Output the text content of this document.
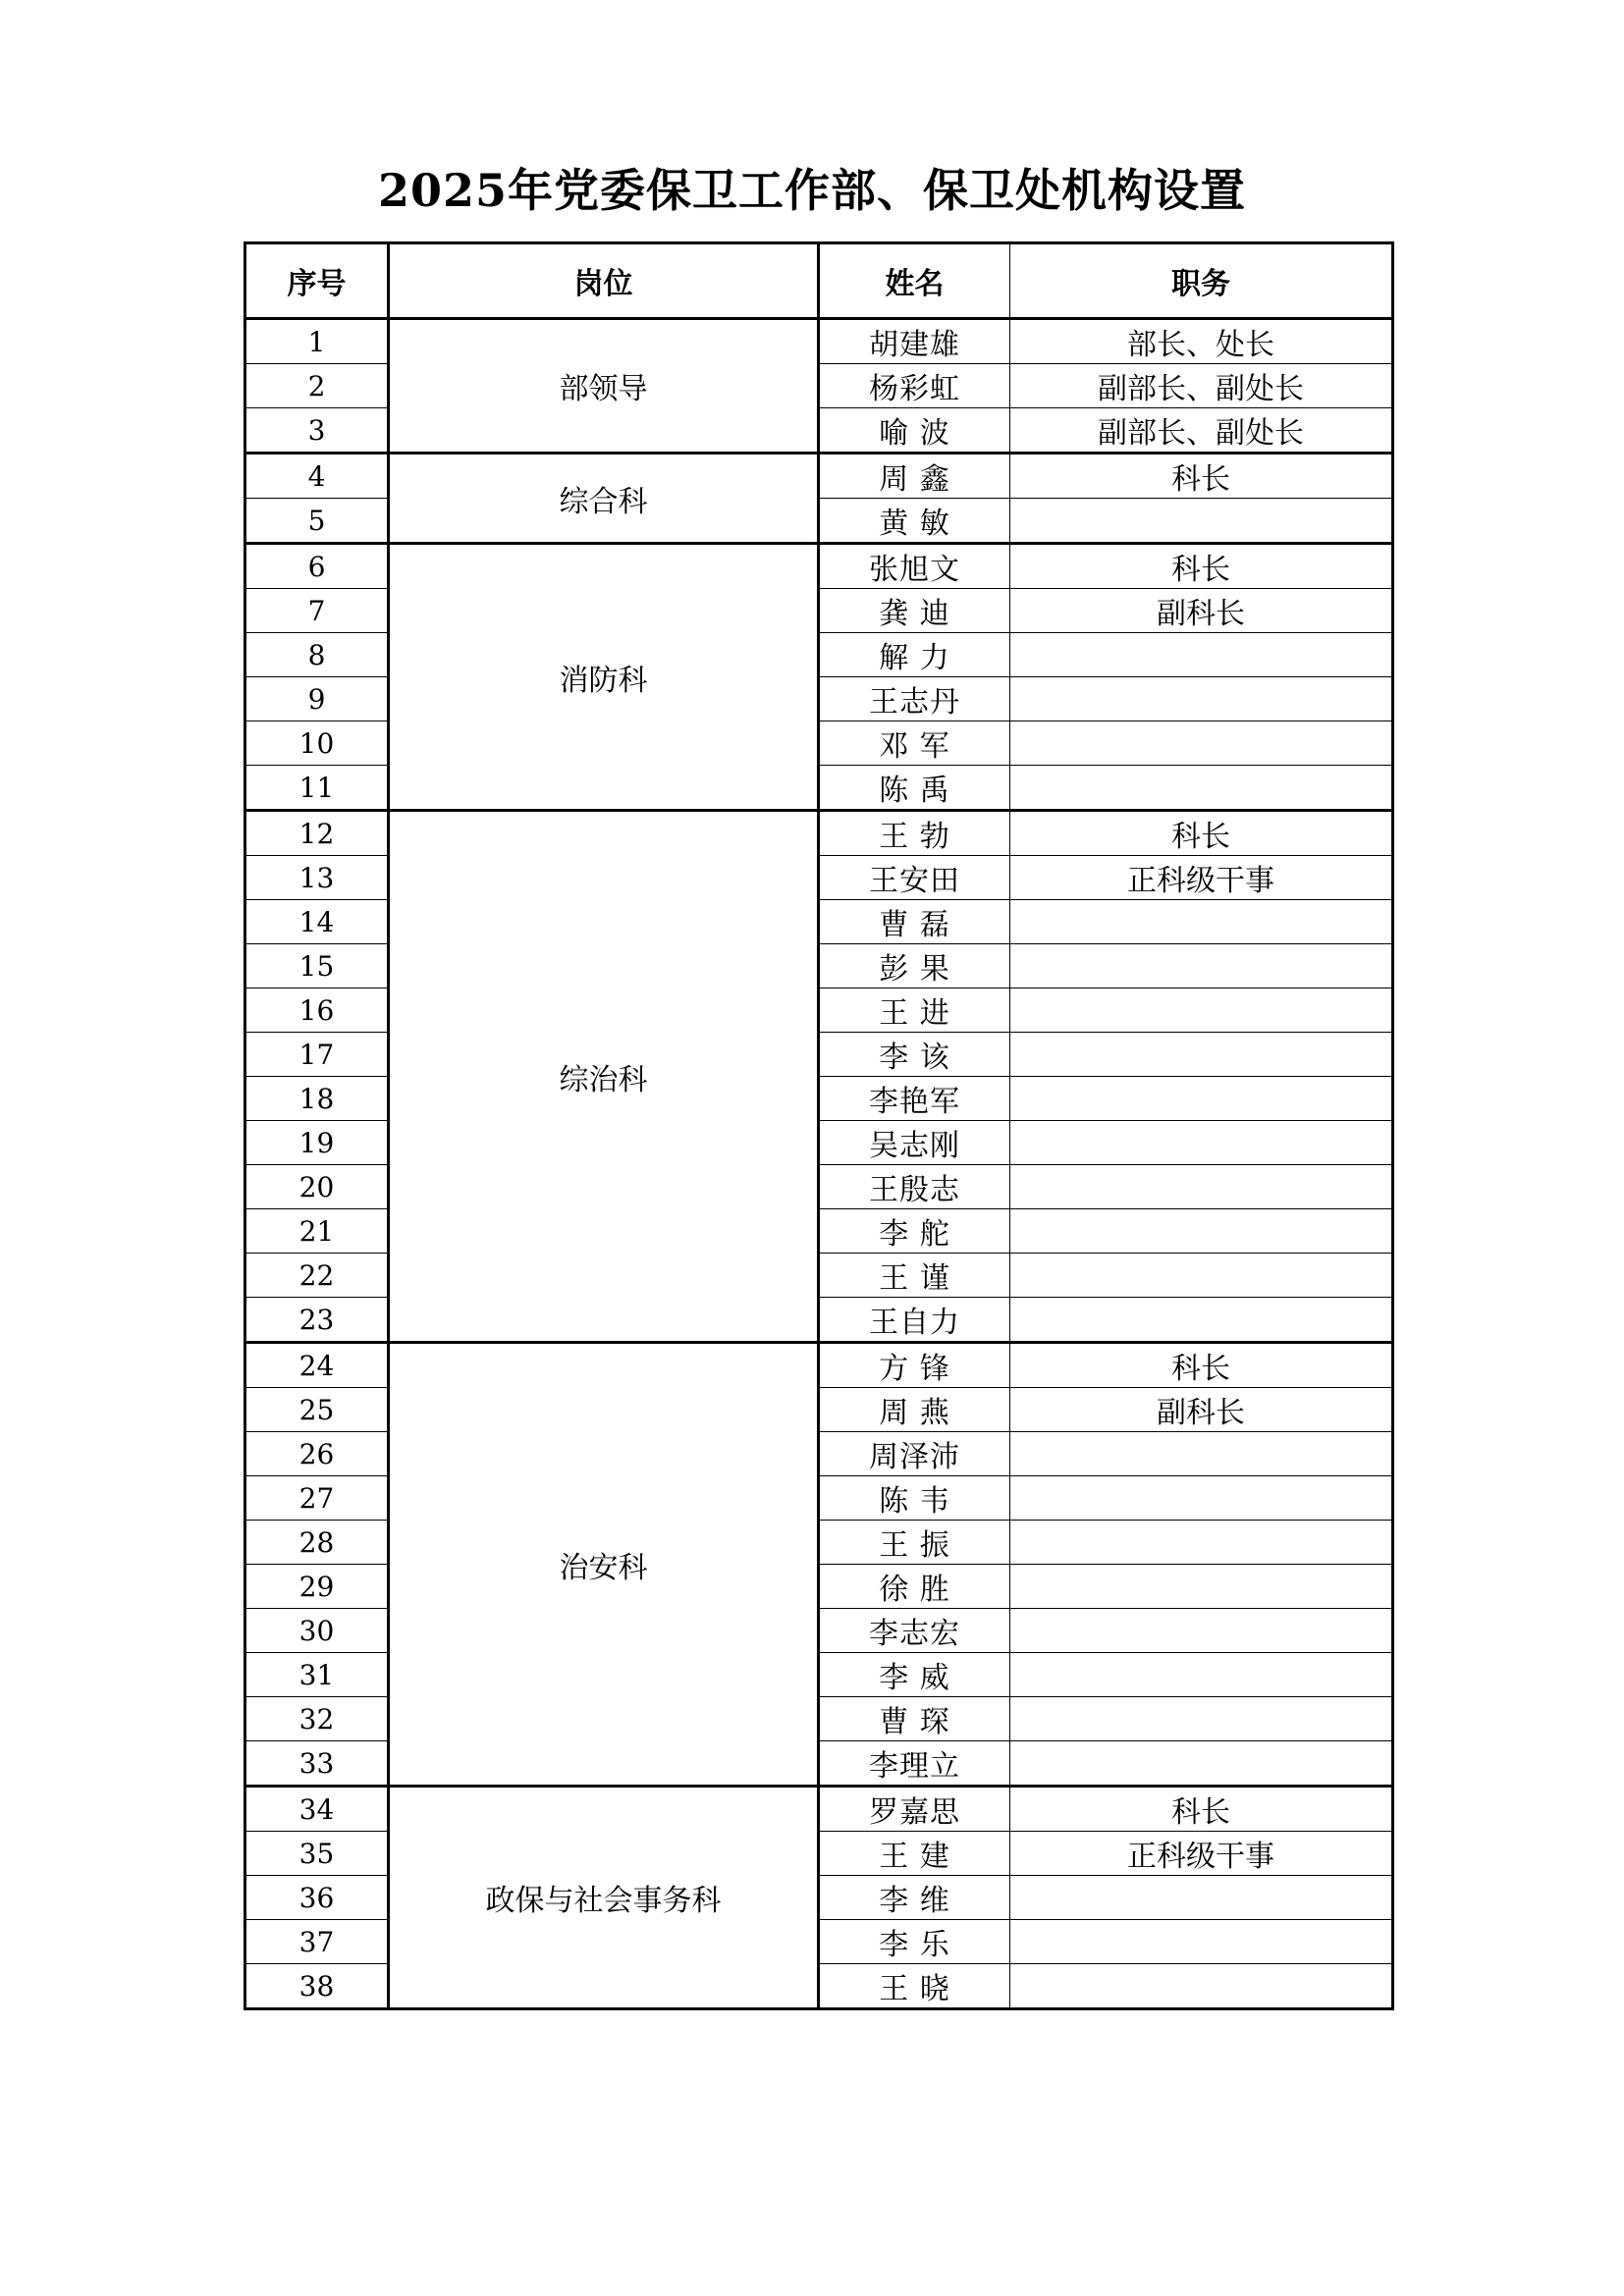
2025年党委保卫工作部、保卫处机构设置
序号	岗位	姓名	职务
1	部领导	胡建雄	部长、处长
2		杨彩虹	副部长、副处长
3		喻 波	副部长、副处长
4	综合科	周 鑫	科长
5		黄 敏	
6	消防科	张旭文	科长
7		龚 迪	副科长
8		解 力	
9		王志丹	
10		邓 军	
11		陈 禹	
12	综治科	王 勃	科长
13		王安田	正科级干事
14		曹 磊	
15		彭 果	
16		王 进	
17		李 该	
18		李艳军	
19		吴志刚	
20		王殷志	
21		李 舵	
22		王 谨	
23		王自力	
24	治安科	方 锋	科长
25		周 燕	副科长
26		周泽沛	
27		陈 韦	
28		王 振	
29		徐 胜	
30		李志宏	
31		李 威	
32		曹 琛	
33		李理立	
34	政保与社会事务科	罗嘉思	科长
35		王 建	正科级干事
36		李 维	
37		李 乐	
38		王 晓	
